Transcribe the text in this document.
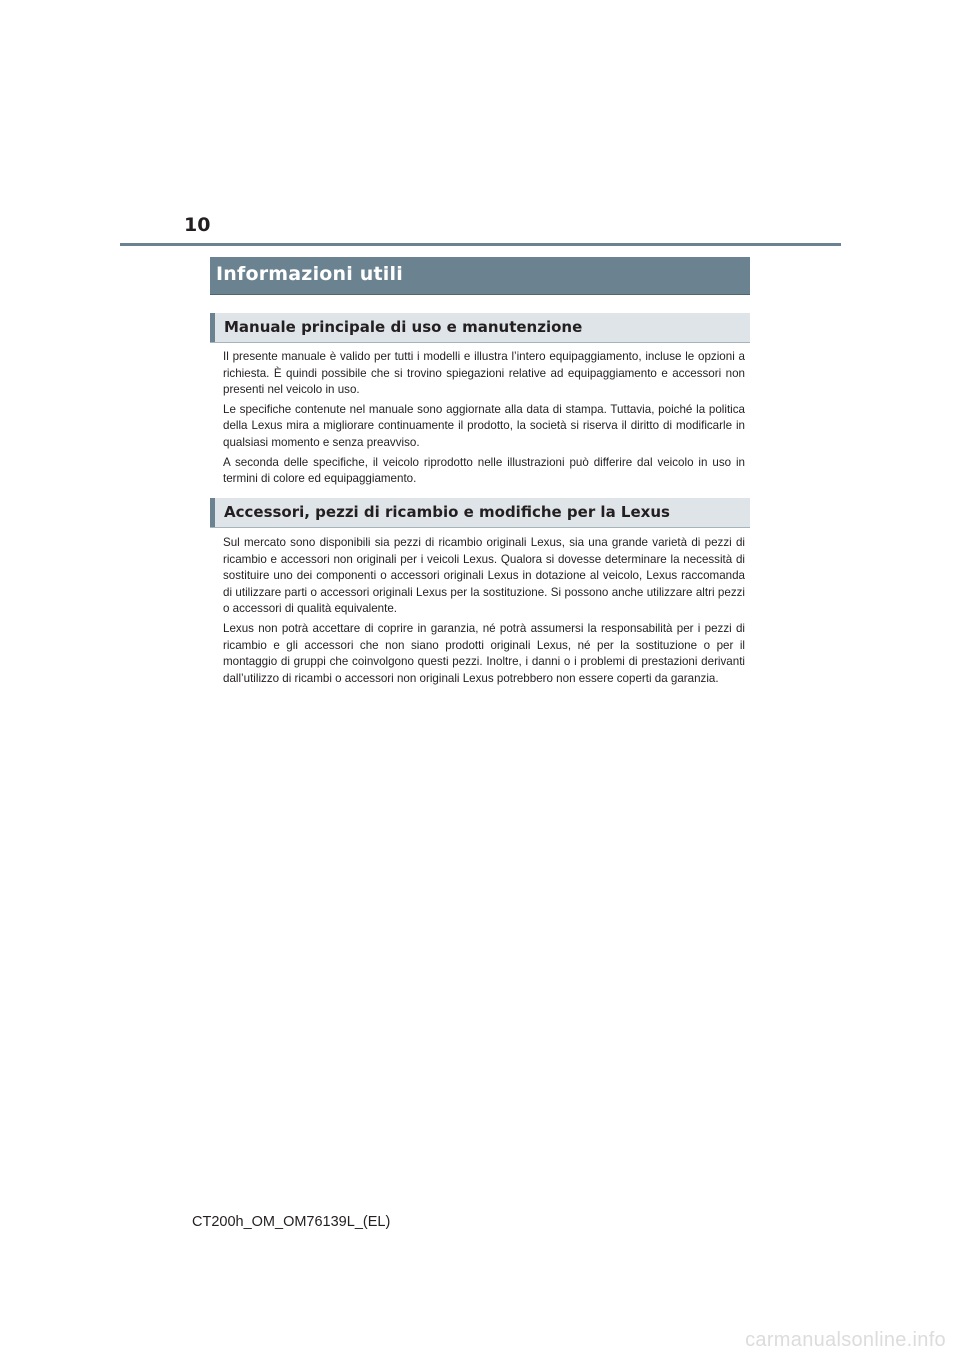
10
Informazioni utili
Manuale principale di uso e manutenzione

Il presente manuale è valido per tutti i modelli e illustra l’intero equipaggiamento, incluse le opzioni a richiesta. È quindi possibile che si trovino spiegazioni relative ad equipaggiamento e accessori non presenti nel veicolo in uso.

Le specifiche contenute nel manuale sono aggiornate alla data di stampa. Tuttavia, poiché la politica della Lexus mira a migliorare continuamente il prodotto, la società si riserva il diritto di modificarle in qualsiasi momento e senza preavviso.

A seconda delle specifiche, il veicolo riprodotto nelle illustrazioni può differire dal veicolo in uso in termini di colore ed equipaggiamento.

Accessori, pezzi di ricambio e modifiche per la Lexus

Sul mercato sono disponibili sia pezzi di ricambio originali Lexus, sia una grande varietà di pezzi di ricambio e accessori non originali per i veicoli Lexus. Qualora si dovesse determinare la necessità di sostituire uno dei componenti o accessori originali Lexus in dotazione al veicolo, Lexus raccomanda di utilizzare parti o accessori originali Lexus per la sostituzione. Si possono anche utilizzare altri pezzi o accessori di qualità equivalente.

Lexus non potrà accettare di coprire in garanzia, né potrà assumersi la responsabilità per i pezzi di ricambio e gli accessori che non siano prodotti originali Lexus, né per la sostituzione o per il montaggio di gruppi che coinvolgono questi pezzi. Inoltre, i danni o i problemi di prestazioni derivanti dall’utilizzo di ricambi o accessori non originali Lexus potrebbero non essere coperti da garanzia.

CT200h_OM_OM76139L_(EL)
carmanualsonline.info
